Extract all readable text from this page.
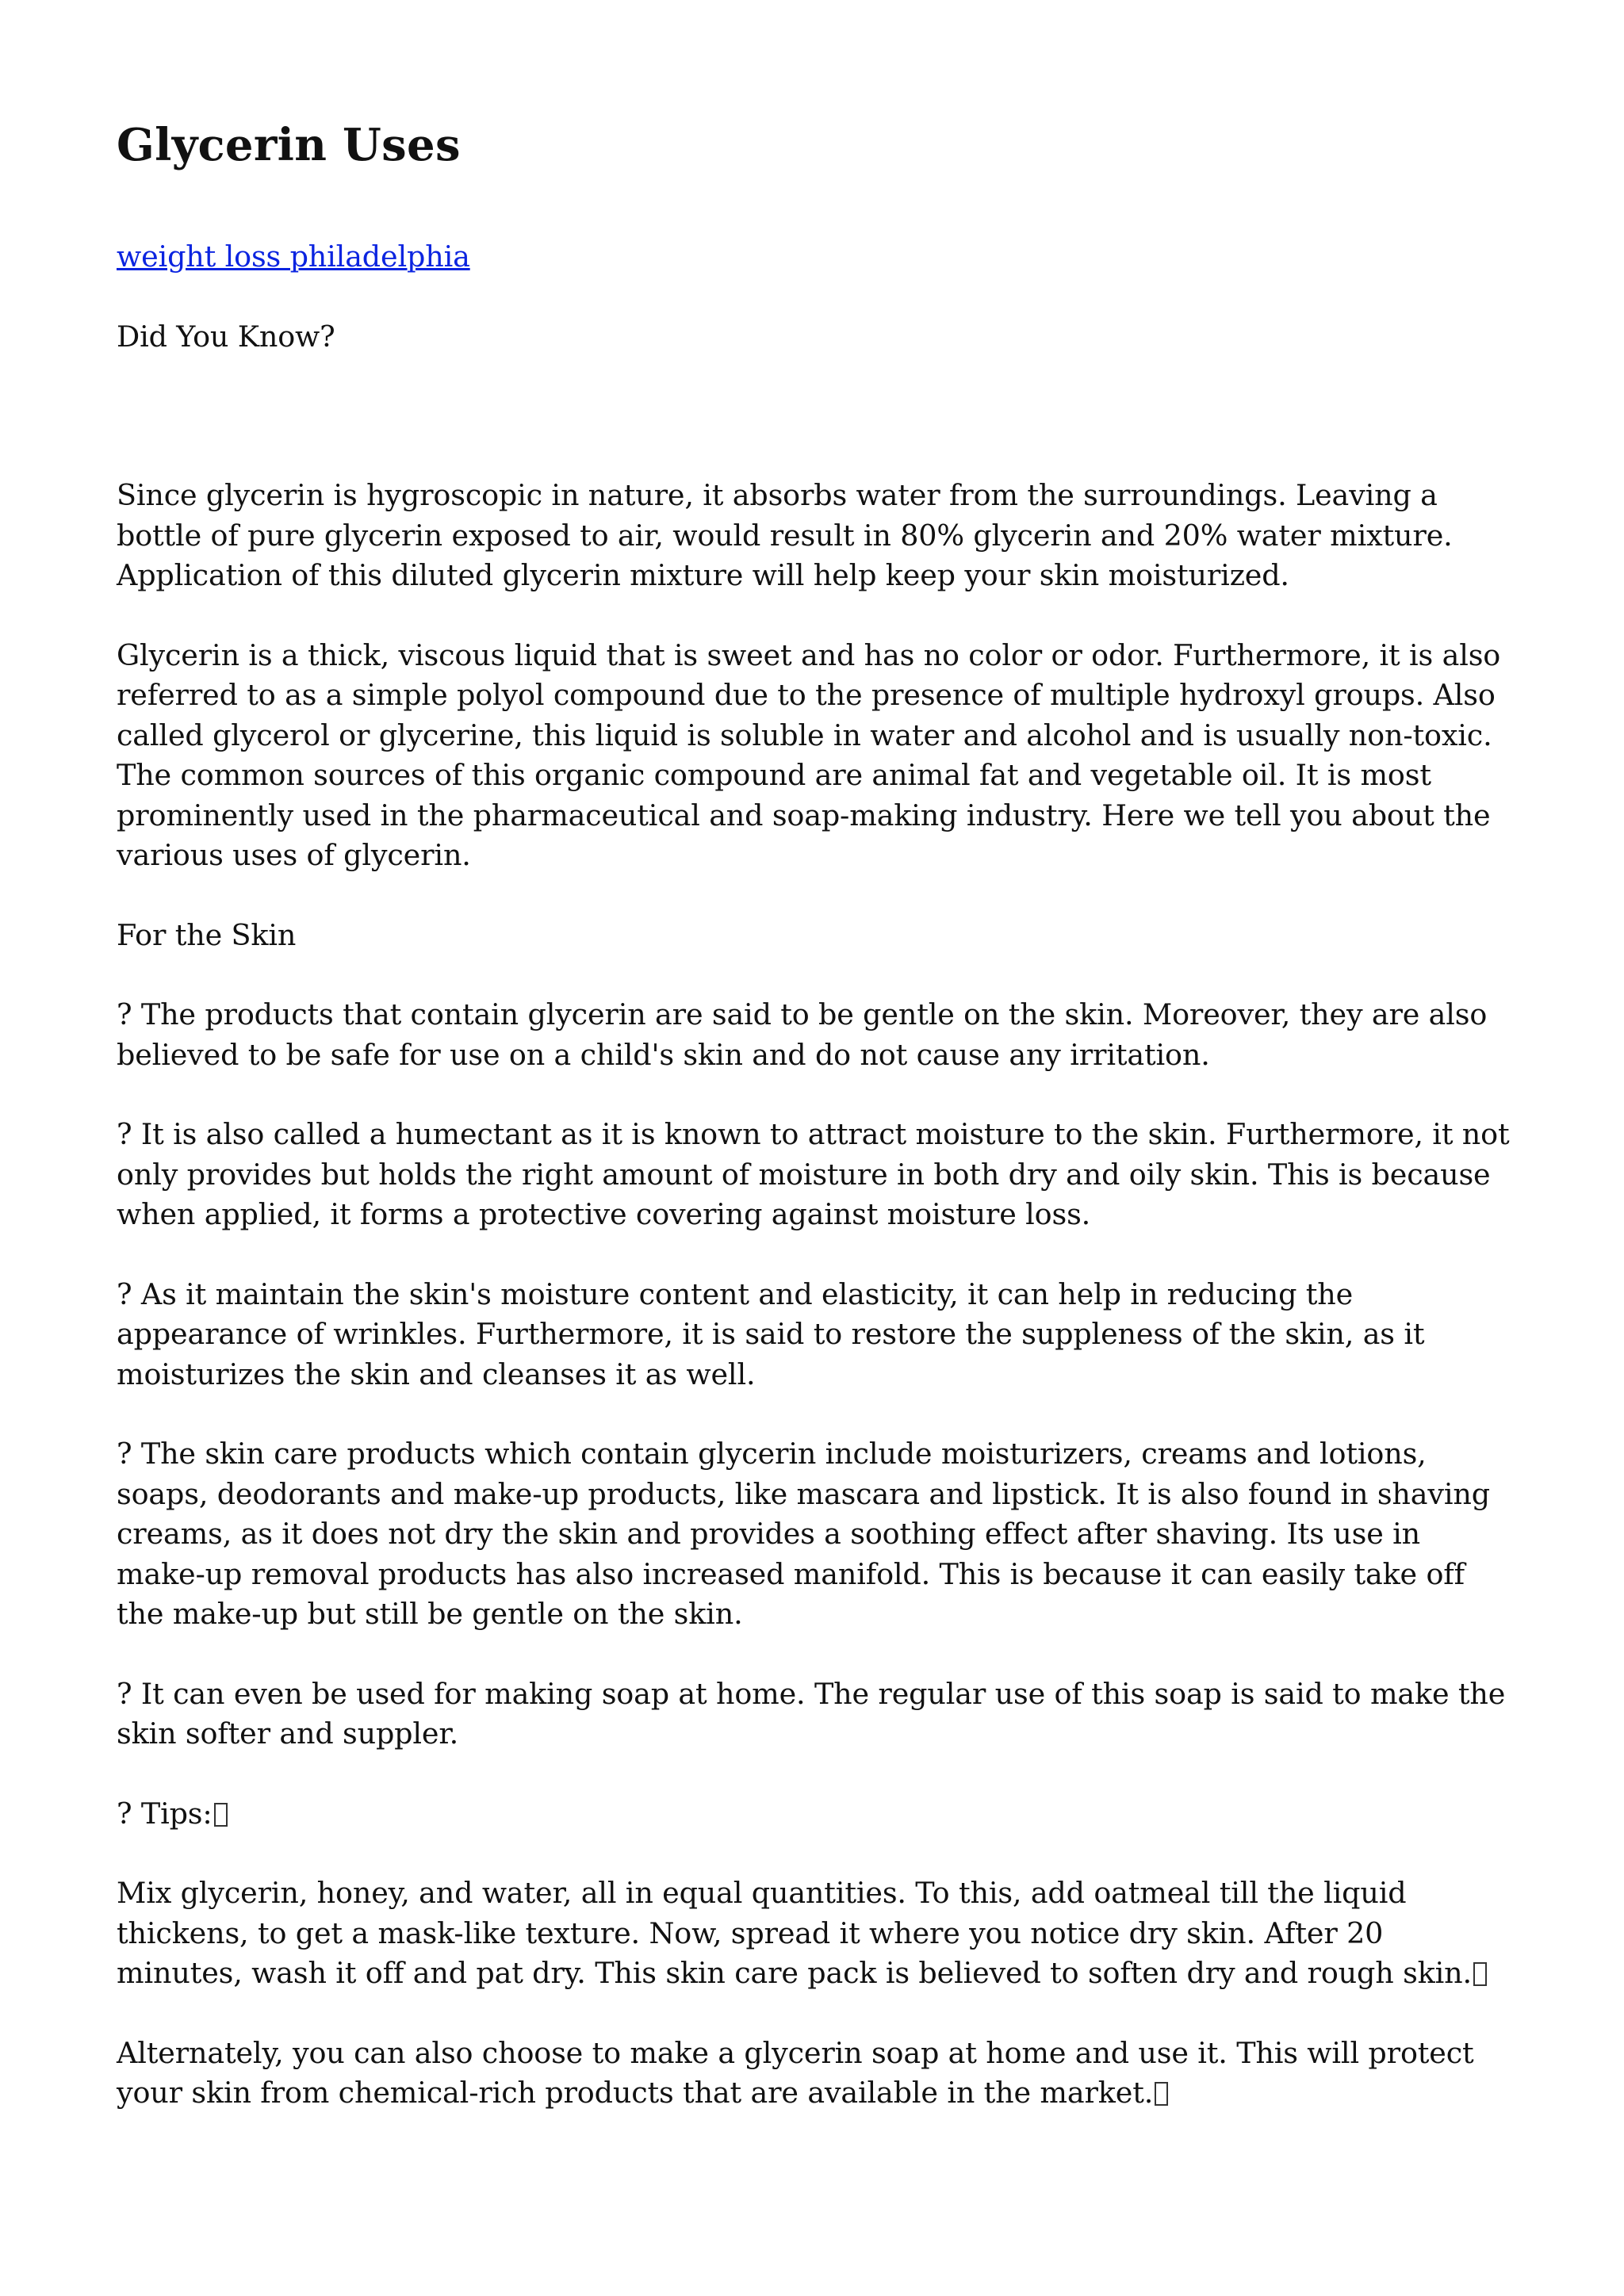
Glycerin Uses

weight loss philadelphia

Did You Know?

Since glycerin is hygroscopic in nature, it absorbs water from the surroundings. Leaving a bottle of pure glycerin exposed to air, would result in 80% glycerin and 20% water mixture. Application of this diluted glycerin mixture will help keep your skin moisturized.

Glycerin is a thick, viscous liquid that is sweet and has no color or odor. Furthermore, it is also referred to as a simple polyol compound due to the presence of multiple hydroxyl groups. Also called glycerol or glycerine, this liquid is soluble in water and alcohol and is usually non-toxic. The common sources of this organic compound are animal fat and vegetable oil. It is most prominently used in the pharmaceutical and soap-making industry. Here we tell you about the various uses of glycerin.

For the Skin

? The products that contain glycerin are said to be gentle on the skin. Moreover, they are also believed to be safe for use on a child's skin and do not cause any irritation.

? It is also called a humectant as it is known to attract moisture to the skin. Furthermore, it not only provides but holds the right amount of moisture in both dry and oily skin. This is because when applied, it forms a protective covering against moisture loss.

? As it maintain the skin's moisture content and elasticity, it can help in reducing the appearance of wrinkles. Furthermore, it is said to restore the suppleness of the skin, as it moisturizes the skin and cleanses it as well.

? The skin care products which contain glycerin include moisturizers, creams and lotions, soaps, deodorants and make-up products, like mascara and lipstick. It is also found in shaving creams, as it does not dry the skin and provides a soothing effect after shaving. Its use in make-up removal products has also increased manifold. This is because it can easily take off the make-up but still be gentle on the skin.

? It can even be used for making soap at home. The regular use of this soap is said to make the skin softer and suppler.

? Tips:

Mix glycerin, honey, and water, all in equal quantities. To this, add oatmeal till the liquid thickens, to get a mask-like texture. Now, spread it where you notice dry skin. After 20 minutes, wash it off and pat dry. This skin care pack is believed to soften dry and rough skin.

Alternately, you can also choose to make a glycerin soap at home and use it. This will protect your skin from chemical-rich products that are available in the market.
